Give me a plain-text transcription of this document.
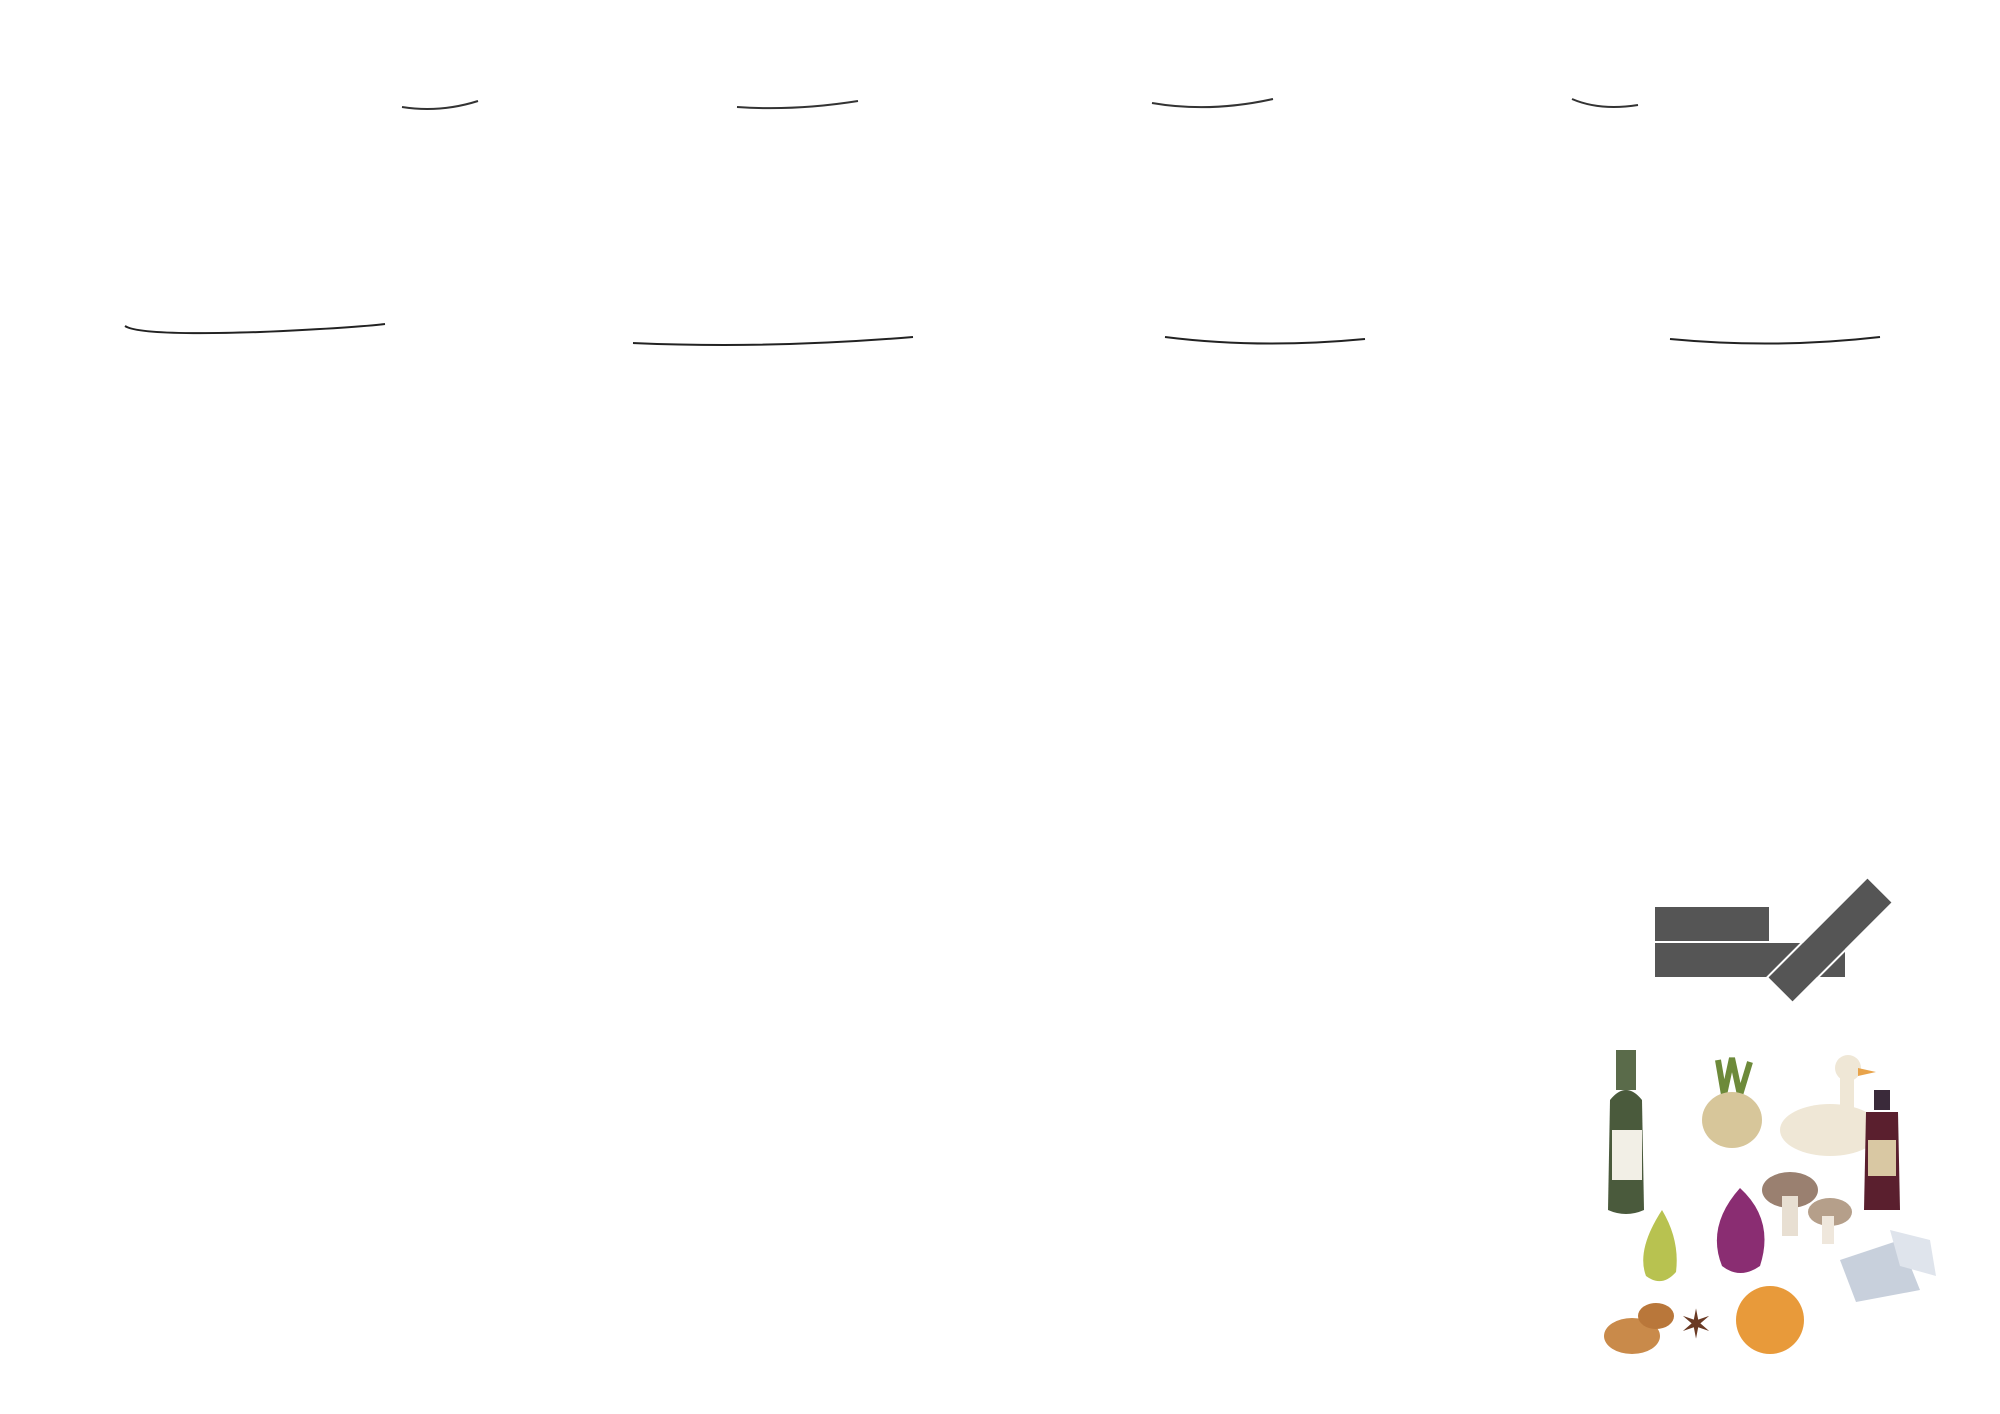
✶
